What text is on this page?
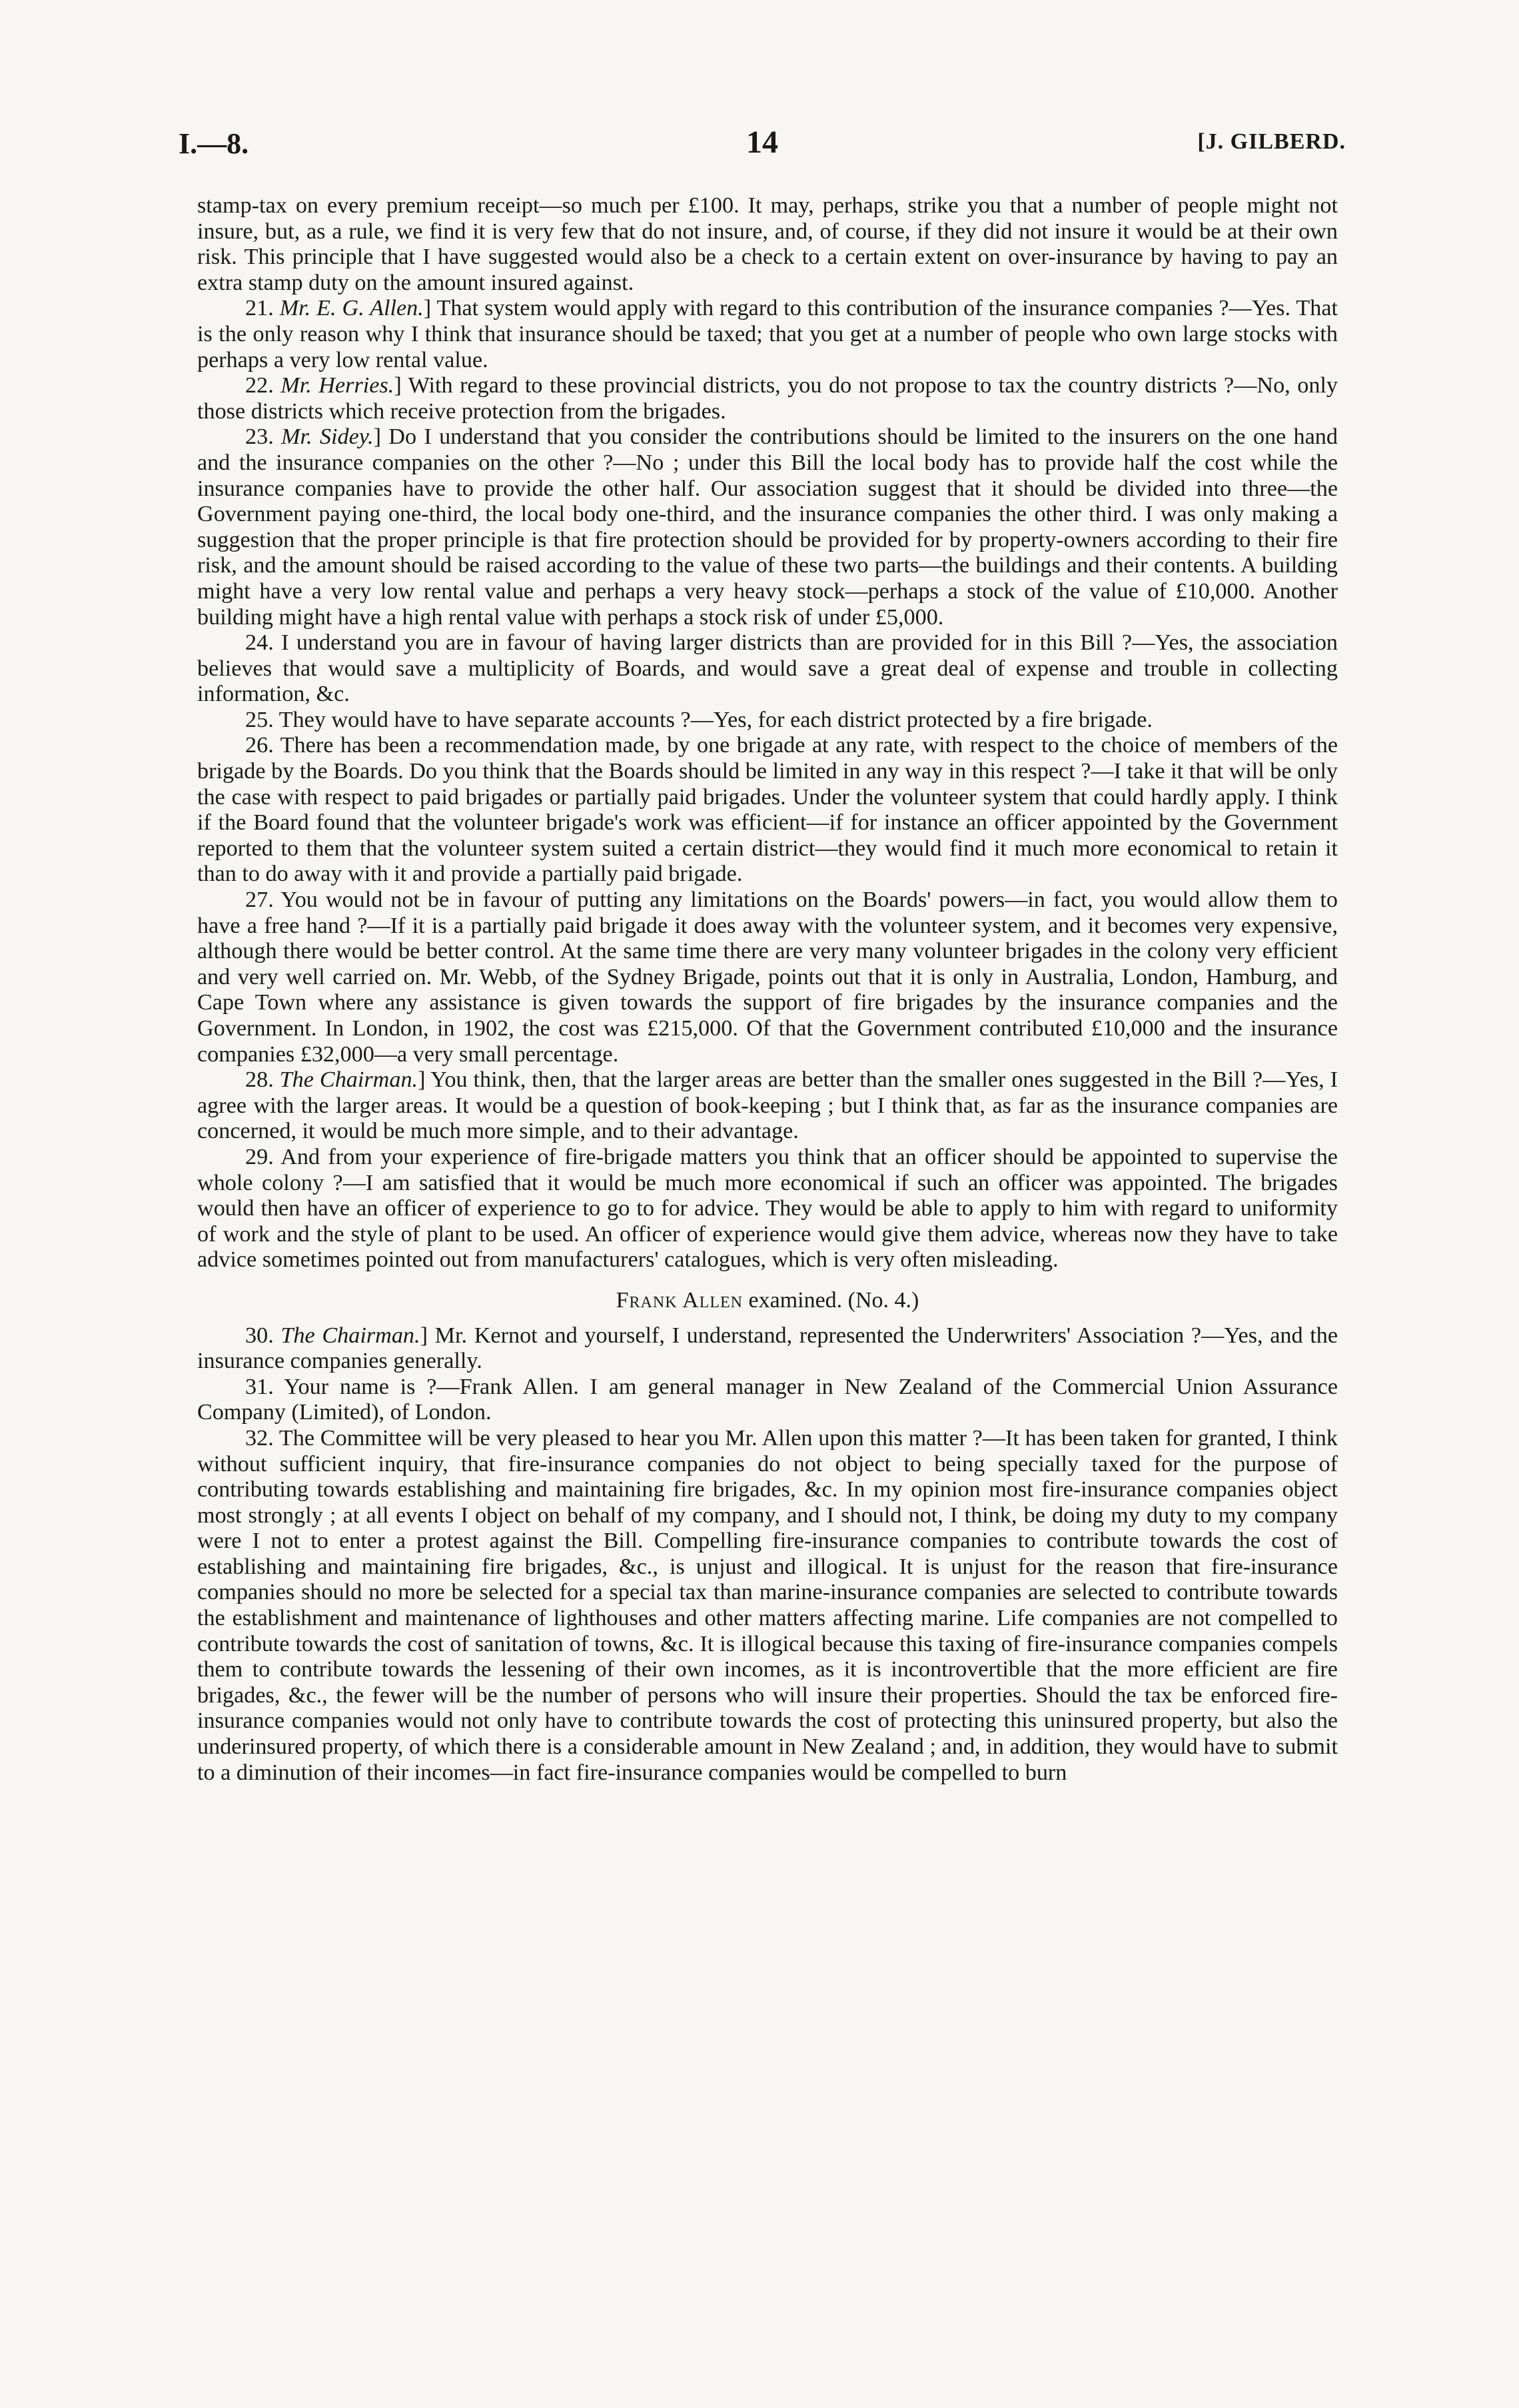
I.—8.	14	[J. GILBERD.

stamp-tax on every premium receipt—so much per £100. It may, perhaps, strike you that a number of people might not insure, but, as a rule, we find it is very few that do not insure, and, of course, if they did not insure it would be at their own risk. This principle that I have suggested would also be a check to a certain extent on over-insurance by having to pay an extra stamp duty on the amount insured against.

21. Mr. E. G. Allen.] That system would apply with regard to this contribution of the insurance companies ?—Yes. That is the only reason why I think that insurance should be taxed; that you get at a number of people who own large stocks with perhaps a very low rental value.

22. Mr. Herries.] With regard to these provincial districts, you do not propose to tax the country districts ?—No, only those districts which receive protection from the brigades.

23. Mr. Sidey.] Do I understand that you consider the contributions should be limited to the insurers on the one hand and the insurance companies on the other ?—No ; under this Bill the local body has to provide half the cost while the insurance companies have to provide the other half. Our association suggest that it should be divided into three—the Government paying one-third, the local body one-third, and the insurance companies the other third. I was only making a suggestion that the proper principle is that fire protection should be provided for by property-owners according to their fire risk, and the amount should be raised according to the value of these two parts—the buildings and their contents. A building might have a very low rental value and perhaps a very heavy stock—perhaps a stock of the value of £10,000. Another building might have a high rental value with perhaps a stock risk of under £5,000.

24. I understand you are in favour of having larger districts than are provided for in this Bill ?—Yes, the association believes that would save a multiplicity of Boards, and would save a great deal of expense and trouble in collecting information, &c.

25. They would have to have separate accounts ?—Yes, for each district protected by a fire brigade.

26. There has been a recommendation made, by one brigade at any rate, with respect to the choice of members of the brigade by the Boards. Do you think that the Boards should be limited in any way in this respect ?—I take it that will be only the case with respect to paid brigades or partially paid brigades. Under the volunteer system that could hardly apply. I think if the Board found that the volunteer brigade's work was efficient—if for instance an officer appointed by the Government reported to them that the volunteer system suited a certain district—they would find it much more economical to retain it than to do away with it and provide a partially paid brigade.

27. You would not be in favour of putting any limitations on the Boards' powers—in fact, you would allow them to have a free hand ?—If it is a partially paid brigade it does away with the volunteer system, and it becomes very expensive, although there would be better control. At the same time there are very many volunteer brigades in the colony very efficient and very well carried on. Mr. Webb, of the Sydney Brigade, points out that it is only in Australia, London, Hamburg, and Cape Town where any assistance is given towards the support of fire brigades by the insurance companies and the Government. In London, in 1902, the cost was £215,000. Of that the Government contributed £10,000 and the insurance companies £32,000—a very small percentage.

28. The Chairman.] You think, then, that the larger areas are better than the smaller ones suggested in the Bill ?—Yes, I agree with the larger areas. It would be a question of book-keeping ; but I think that, as far as the insurance companies are concerned, it would be much more simple, and to their advantage.

29. And from your experience of fire-brigade matters you think that an officer should be appointed to supervise the whole colony ?—I am satisfied that it would be much more economical if such an officer was appointed. The brigades would then have an officer of experience to go to for advice. They would be able to apply to him with regard to uniformity of work and the style of plant to be used. An officer of experience would give them advice, whereas now they have to take advice sometimes pointed out from manufacturers' catalogues, which is very often misleading.

Frank Allen examined. (No. 4.)

30. The Chairman.] Mr. Kernot and yourself, I understand, represented the Underwriters' Association ?—Yes, and the insurance companies generally.

31. Your name is ?—Frank Allen. I am general manager in New Zealand of the Commercial Union Assurance Company (Limited), of London.

32. The Committee will be very pleased to hear you Mr. Allen upon this matter ?—It has been taken for granted, I think without sufficient inquiry, that fire-insurance companies do not object to being specially taxed for the purpose of contributing towards establishing and maintaining fire brigades, &c. In my opinion most fire-insurance companies object most strongly ; at all events I object on behalf of my company, and I should not, I think, be doing my duty to my company were I not to enter a protest against the Bill. Compelling fire-insurance companies to contribute towards the cost of establishing and maintaining fire brigades, &c., is unjust and illogical. It is unjust for the reason that fire-insurance companies should no more be selected for a special tax than marine-insurance companies are selected to contribute towards the establishment and maintenance of lighthouses and other matters affecting marine. Life companies are not compelled to contribute towards the cost of sanitation of towns, &c. It is illogical because this taxing of fire-insurance companies compels them to contribute towards the lessening of their own incomes, as it is incontrovertible that the more efficient are fire brigades, &c., the fewer will be the number of persons who will insure their properties. Should the tax be enforced fire-insurance companies would not only have to contribute towards the cost of protecting this uninsured property, but also the underinsured property, of which there is a considerable amount in New Zealand ; and, in addition, they would have to submit to a diminution of their incomes—in fact fire-insurance companies would be compelled to burn
